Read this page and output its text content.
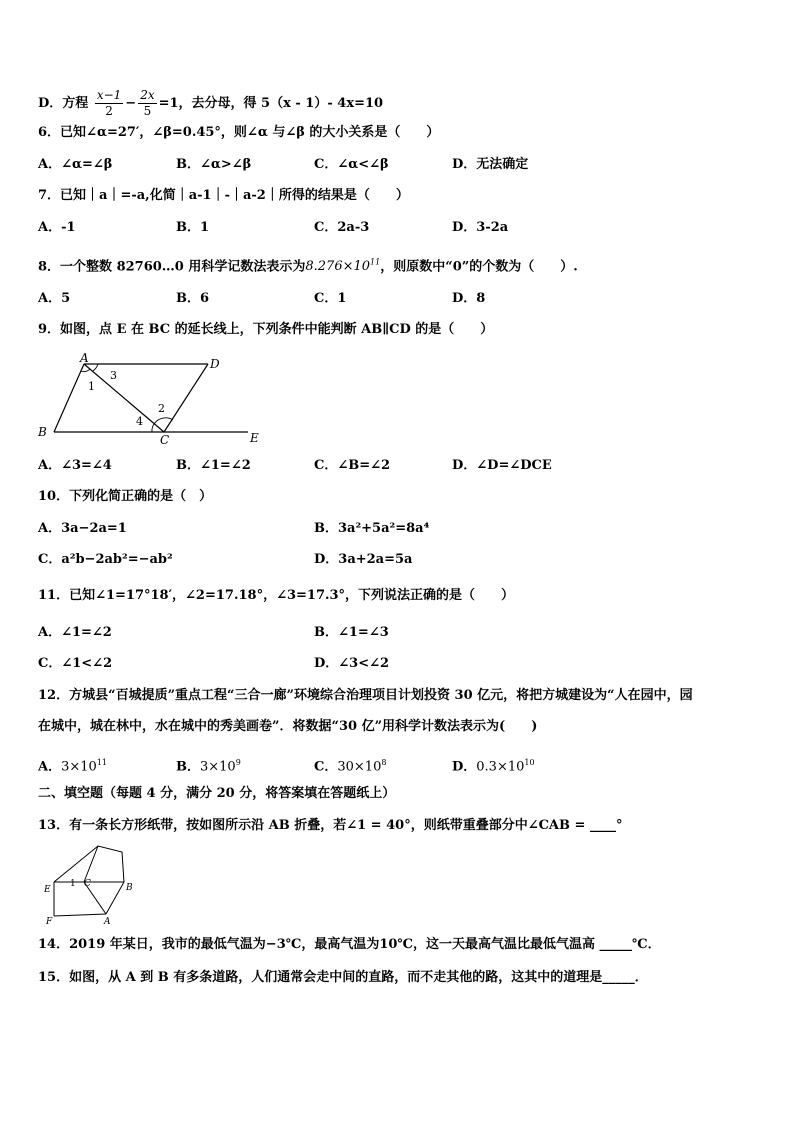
D．方程 $\frac{x-1}{2} - \frac{2x}{5} =1$，去分母，得 5（x - 1）- 4x=10
6．已知∠α=27′，∠β=0.45°，则∠α 与∠β 的大小关系是（　　）
A．∠α=∠β	B．∠α>∠β	C．∠α<∠β	D．无法确定
7．已知｜a｜=-a,化简｜a-1｜-｜a-2｜所得的结果是（　　）
A．-1	B．1	C．2a-3	D．3-2a
8．一个整数 82760…0 用科学记数法表示为$8.276\times 10^{11}$，则原数中“0”的个数为（　　）.
A．5	B．6	C．1	D．8
9．如图，点 E 在 BC 的延长线上，下列条件中能判断 AB∥CD 的是（　　）
A	D
B
C	E
1
3
4
2
A．∠3=∠4	B．∠1=∠2	C．∠B=∠2	D．∠D=∠DCE
10．下列化简正确的是（　）
A．3a−2a=1	B．3a²+5a²=8a⁴
C．a²b−2ab²=−ab²	D．3a+2a=5a
11．已知∠1=17°18′，∠2=17.18°，∠3=17.3°，下列说法正确的是（　　）
A．∠1=∠2	B．∠1=∠3
C．∠1<∠2	D．∠3<∠2
12．方城县“百城提质”重点工程“三合一廊”环境综合治理项目计划投资 30 亿元，将把方城建设为“人在园中，园
在城中，城在林中，水在城中的秀美画卷”．将数据“30 亿”用科学计数法表示为(　　)
A．$3\times 10^{11}$	B．$3\times 10^9$	C．$30\times 10^8$	D．$0.3\times 10^{10}$
二、填空题（每题 4 分，满分 20 分，将答案填在答题纸上）
13．有一条长方形纸带，按如图所示沿 AB 折叠，若∠1 = 40°，则纸带重叠部分中∠CAB = ____°
E
F
1 C	B
A
14．2019 年某日，我市的最低气温为−3℃，最高气温为10℃，这一天最高气温比最低气温高 _____℃．
15．如图，从 A 到 B 有多条道路，人们通常会走中间的直路，而不走其他的路，这其中的道理是_____．
